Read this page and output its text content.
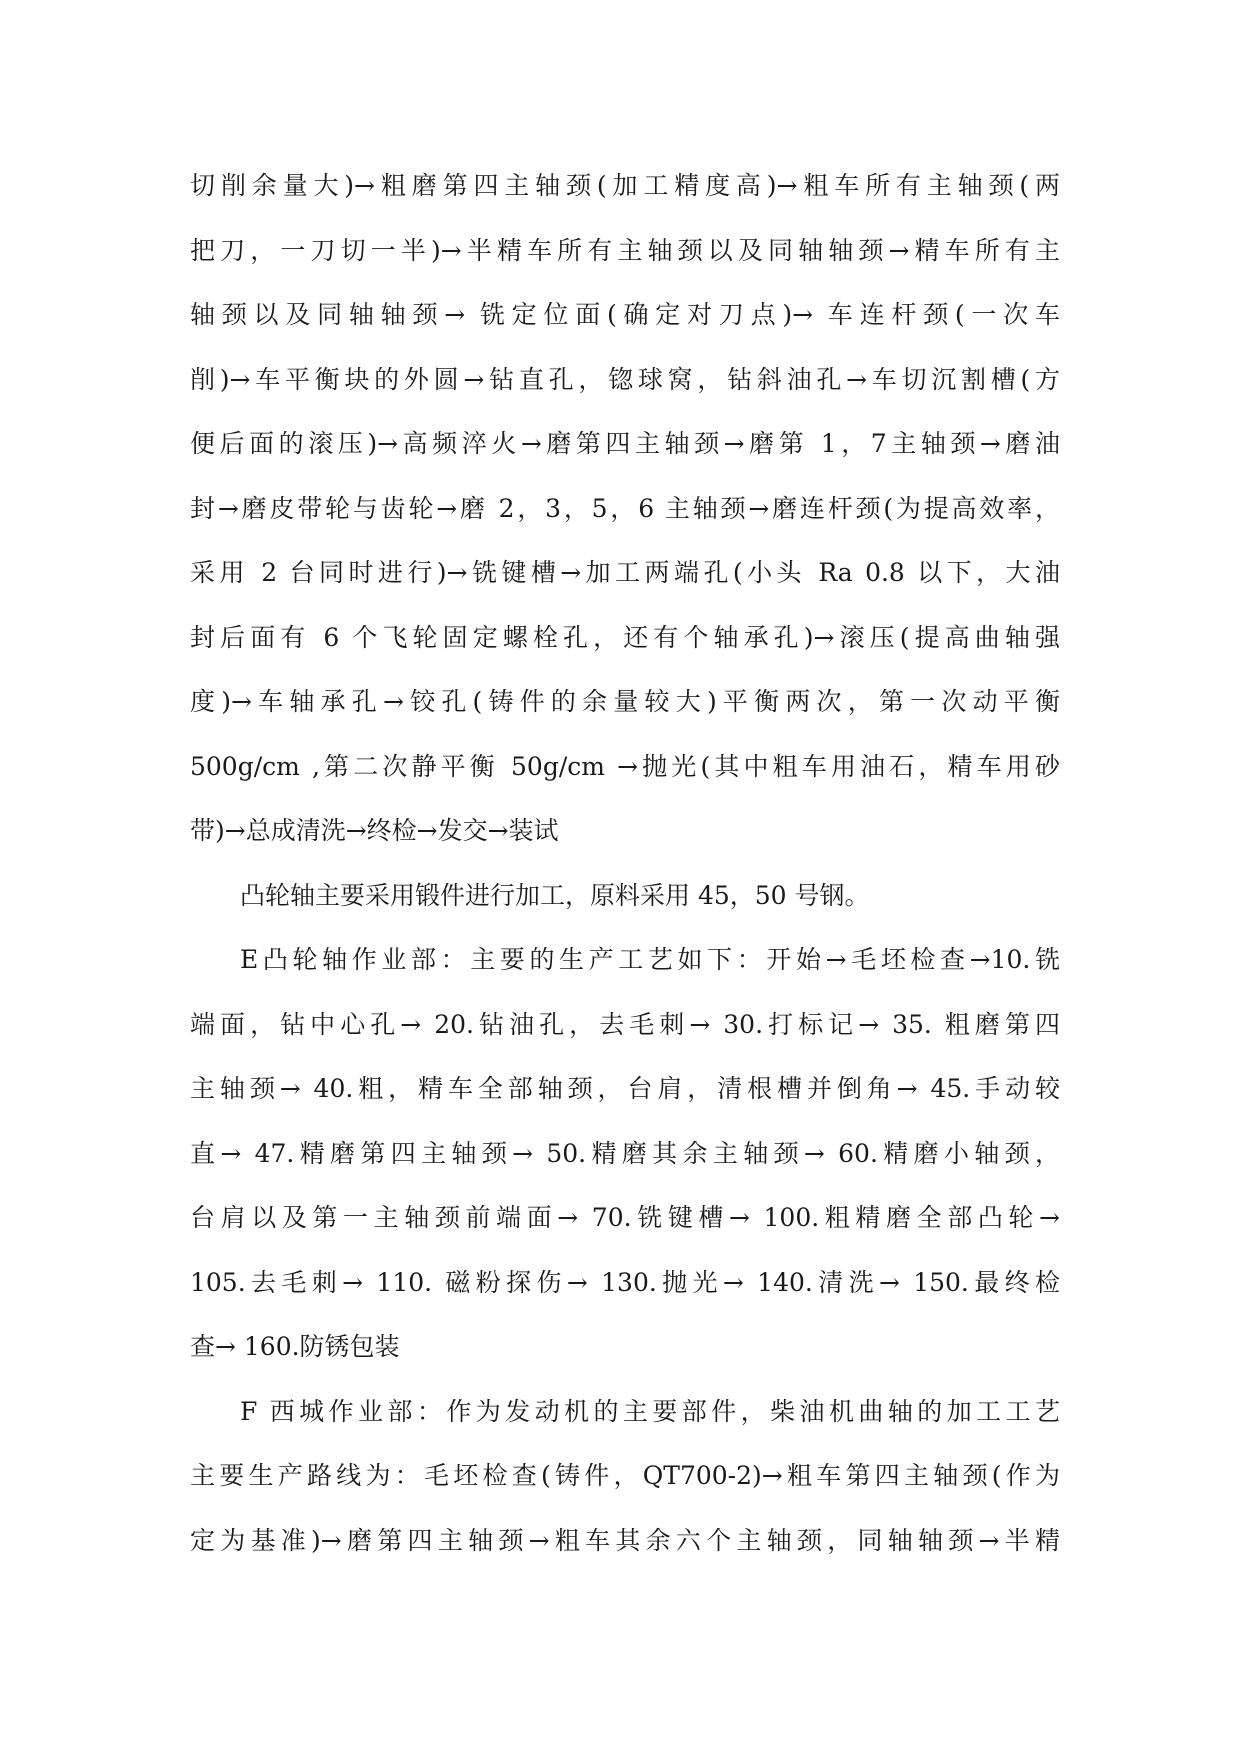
切削余量大)→粗磨第四主轴颈(加工精度高)→粗车所有主轴颈(两
把刀，一刀切一半)→半精车所有主轴颈以及同轴轴颈→精车所有主
轴颈以及同轴轴颈→ 铣定位面(确定对刀点)→ 车连杆颈(一次车
削)→车平衡块的外圆→钻直孔，锪球窝，钻斜油孔→车切沉割槽(方
便后面的滚压)→高频淬火→磨第四主轴颈→磨第 1，7主轴颈→磨油
封→磨皮带轮与齿轮→磨 2，3，5，6 主轴颈→磨连杆颈(为提高效率，
采用 2 台同时进行)→铣键槽→加工两端孔(小头 Ra 0.8 以下，大油
封后面有 6 个飞轮固定螺栓孔，还有个轴承孔)→滚压(提高曲轴强
度)→车轴承孔→铰孔(铸件的余量较大)平衡两次，第一次动平衡
500g/cm ,第二次静平衡 50g/cm →抛光(其中粗车用油石，精车用砂
带)→总成清洗→终检→发交→装试

凸轮轴主要采用锻件进行加工，原料采用 45，50 号钢。

E凸轮轴作业部：主要的生产工艺如下：开始→毛坯检查→10.铣
端面，钻中心孔→ 20.钻油孔，去毛刺→ 30.打标记→ 35. 粗磨第四
主轴颈→ 40.粗，精车全部轴颈，台肩，清根槽并倒角→ 45.手动较
直→ 47.精磨第四主轴颈→ 50.精磨其余主轴颈→ 60.精磨小轴颈，
台肩以及第一主轴颈前端面→ 70.铣键槽→ 100.粗精磨全部凸轮→
105.去毛刺→ 110. 磁粉探伤→ 130.抛光→ 140.清洗→ 150.最终检
查→ 160.防锈包装

F 西城作业部：作为发动机的主要部件，柴油机曲轴的加工工艺
主要生产路线为：毛坯检查(铸件，QT700-2)→粗车第四主轴颈(作为
定为基准)→磨第四主轴颈→粗车其余六个主轴颈，同轴轴颈→半精
